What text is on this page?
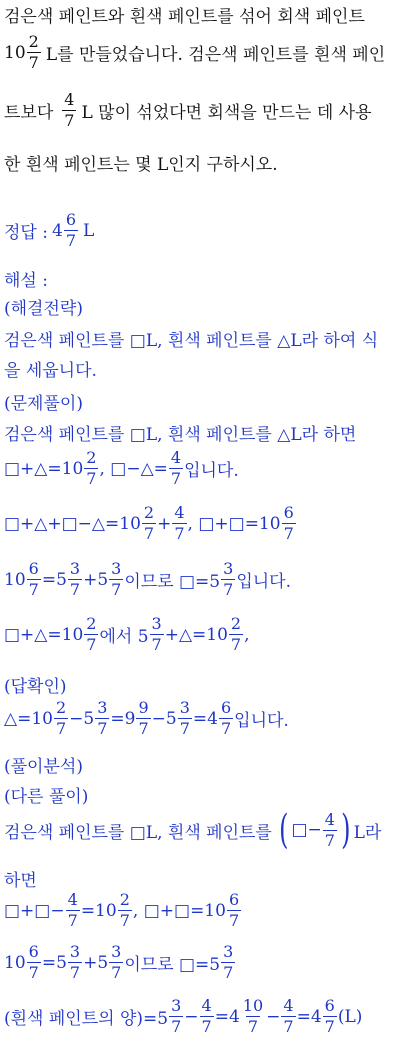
검은색 페인트와 흰색 페인트를 섞어 회색 페인트
$10 \frac{2}{7}$ L를 만들었습니다. 검은색 페인트를 흰색 페인
트보다 $\frac{4}{7}$ L 많이 섞었다면 회색을 만드는 데 사용
한 흰색 페인트는 몇 L인지 구하시오.
정답 : $4 \frac{6}{7}$ L
해설 :
(해결전략)
검은색 페인트를 □L, 흰색 페인트를 △L라 하여 식
을 세웁니다.
(문제풀이)
검은색 페인트를 □L, 흰색 페인트를 △L라 하면
□+△=10 $\frac{2}{7}$ , □−△= $\frac{4}{7}$ 입니다.
□+△+□−△=10 $\frac{2}{7} + \frac{4}{7}$ , □+□=10 $\frac{6}{7}$
$10 \frac{6}{7} =5 \frac{3}{7} +5 \frac{3}{7}$ 이므로 □=5 $\frac{3}{7}$ 입니다.
□+△=10 $\frac{2}{7}$ 에서 $5 \frac{3}{7}$ +△=10 $\frac{2}{7}$ ,
(답확인)
△=10 $\frac{2}{7} -5 \frac{3}{7} =9 \frac{9}{7} -5 \frac{3}{7} =4 \frac{6}{7}$ 입니다.
(풀이분석)
(다른 풀이)
검은색 페인트를 □L, 흰색 페인트를 ( □− $\frac{4}{7}$ ) L라
하면
□+□− $\frac{4}{7} =10 \frac{2}{7}$ , □+□=10 $\frac{6}{7}$
$10 \frac{6}{7} =5 \frac{3}{7} +5 \frac{3}{7}$ 이므로 □=5 $\frac{3}{7}$
(흰색 페인트의 양)$=5 \frac{3}{7} - \frac{4}{7} =4 \frac{10}{7} - \frac{4}{7} =4 \frac{6}{7} (L)$
